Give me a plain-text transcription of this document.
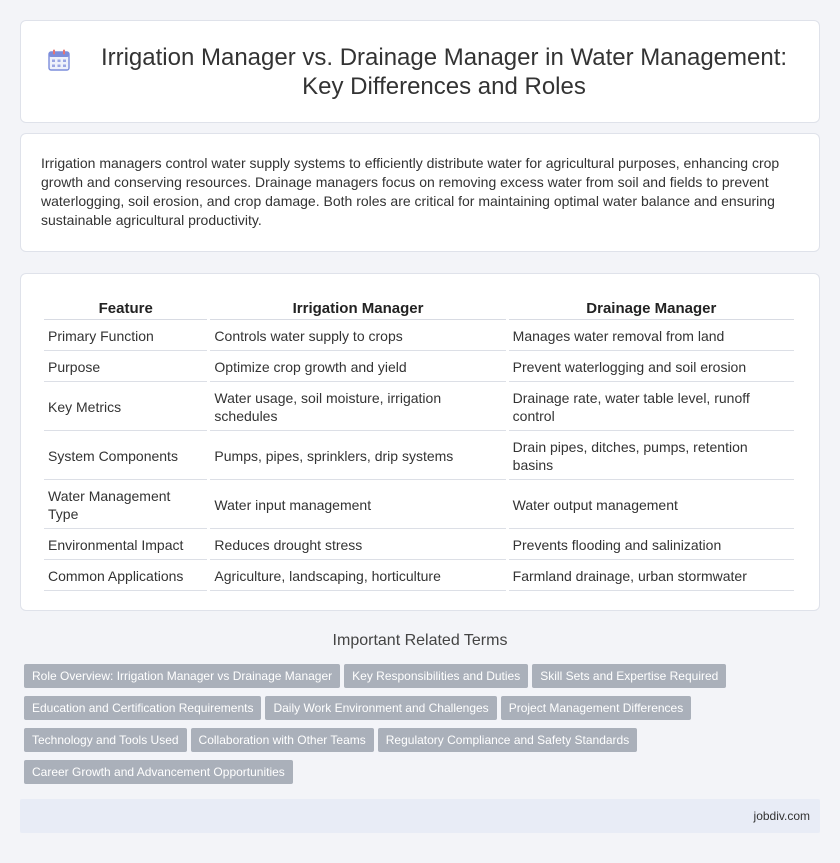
Irrigation Manager vs. Drainage Manager in Water Management: Key Differences and Roles

Irrigation managers control water supply systems to efficiently distribute water for agricultural purposes, enhancing crop growth and conserving resources. Drainage managers focus on removing excess water from soil and fields to prevent waterlogging, soil erosion, and crop damage. Both roles are critical for maintaining optimal water balance and ensuring sustainable agricultural productivity.

Feature	Irrigation Manager	Drainage Manager
Primary Function	Controls water supply to crops	Manages water removal from land
Purpose	Optimize crop growth and yield	Prevent waterlogging and soil erosion
Key Metrics	Water usage, soil moisture, irrigation schedules	Drainage rate, water table level, runoff control
System Components	Pumps, pipes, sprinklers, drip systems	Drain pipes, ditches, pumps, retention basins
Water Management Type	Water input management	Water output management
Environmental Impact	Reduces drought stress	Prevents flooding and salinization
Common Applications	Agriculture, landscaping, horticulture	Farmland drainage, urban stormwater
Important Related Terms
Role Overview: Irrigation Manager vs Drainage Manager Key Responsibilities and Duties Skill Sets and Expertise Required
Education and Certification Requirements Daily Work Environment and Challenges Project Management Differences
Technology and Tools Used Collaboration with Other Teams Regulatory Compliance and Safety Standards
Career Growth and Advancement Opportunities
jobdiv.com
